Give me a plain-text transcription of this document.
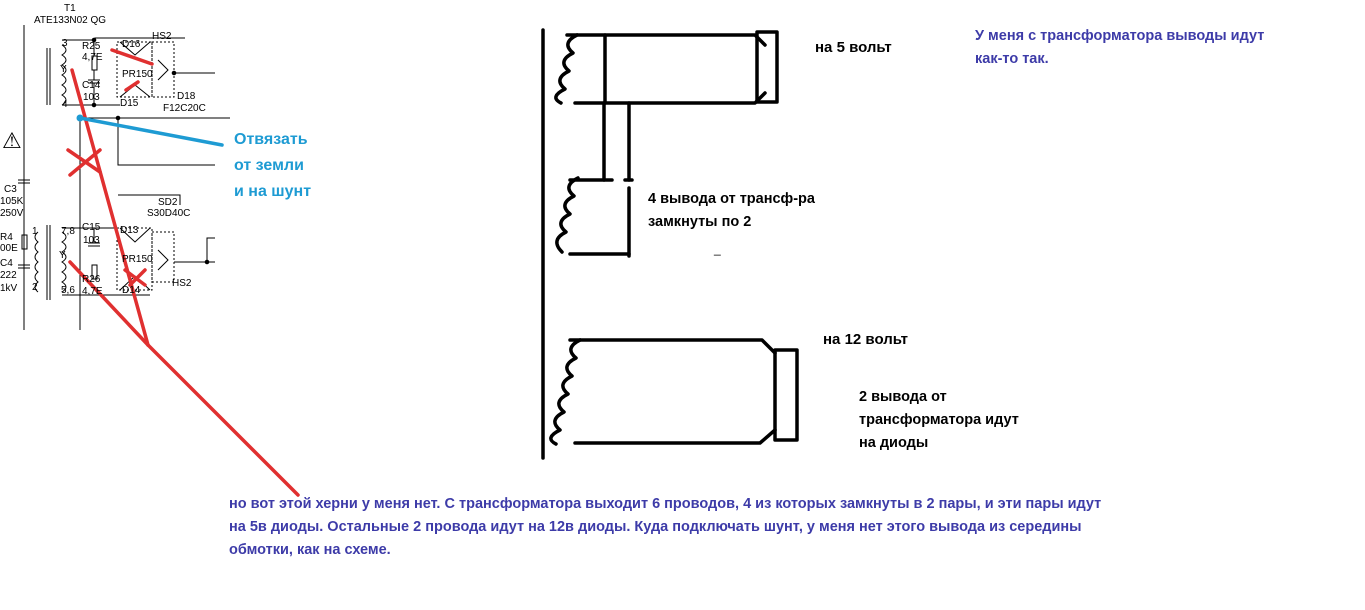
T1
ATE133N02 QG
3
Y
4
R25
4,7E
C14
103
D16
PR150
D15
HS2
D18
F12C20C
⚠
C3
105K
250V
R4
00E
C4
222
1kV
1
2
SD2
S30D40C
7,8
Y
5,6
C15
103
D13
PR150
R26
4,7E D14
HS2
Отвязать
от земли
и на шунт
на 5 вольт
на 12 вольт
4 вывода от трансф-ра
замкнуты по 2
_
2 вывода от
трансформатора идут
на диоды
У меня с трансформатора выводы идут
как-то так.
но вот этой херни у меня нет. С трансформатора выходит 6 проводов, 4 из которых замкнуты в 2 пары, и эти пары идут
на 5в диоды. Остальные 2 провода идут на 12в диоды. Куда подключать шунт, у меня нет этого вывода из середины
обмотки, как на схеме.
